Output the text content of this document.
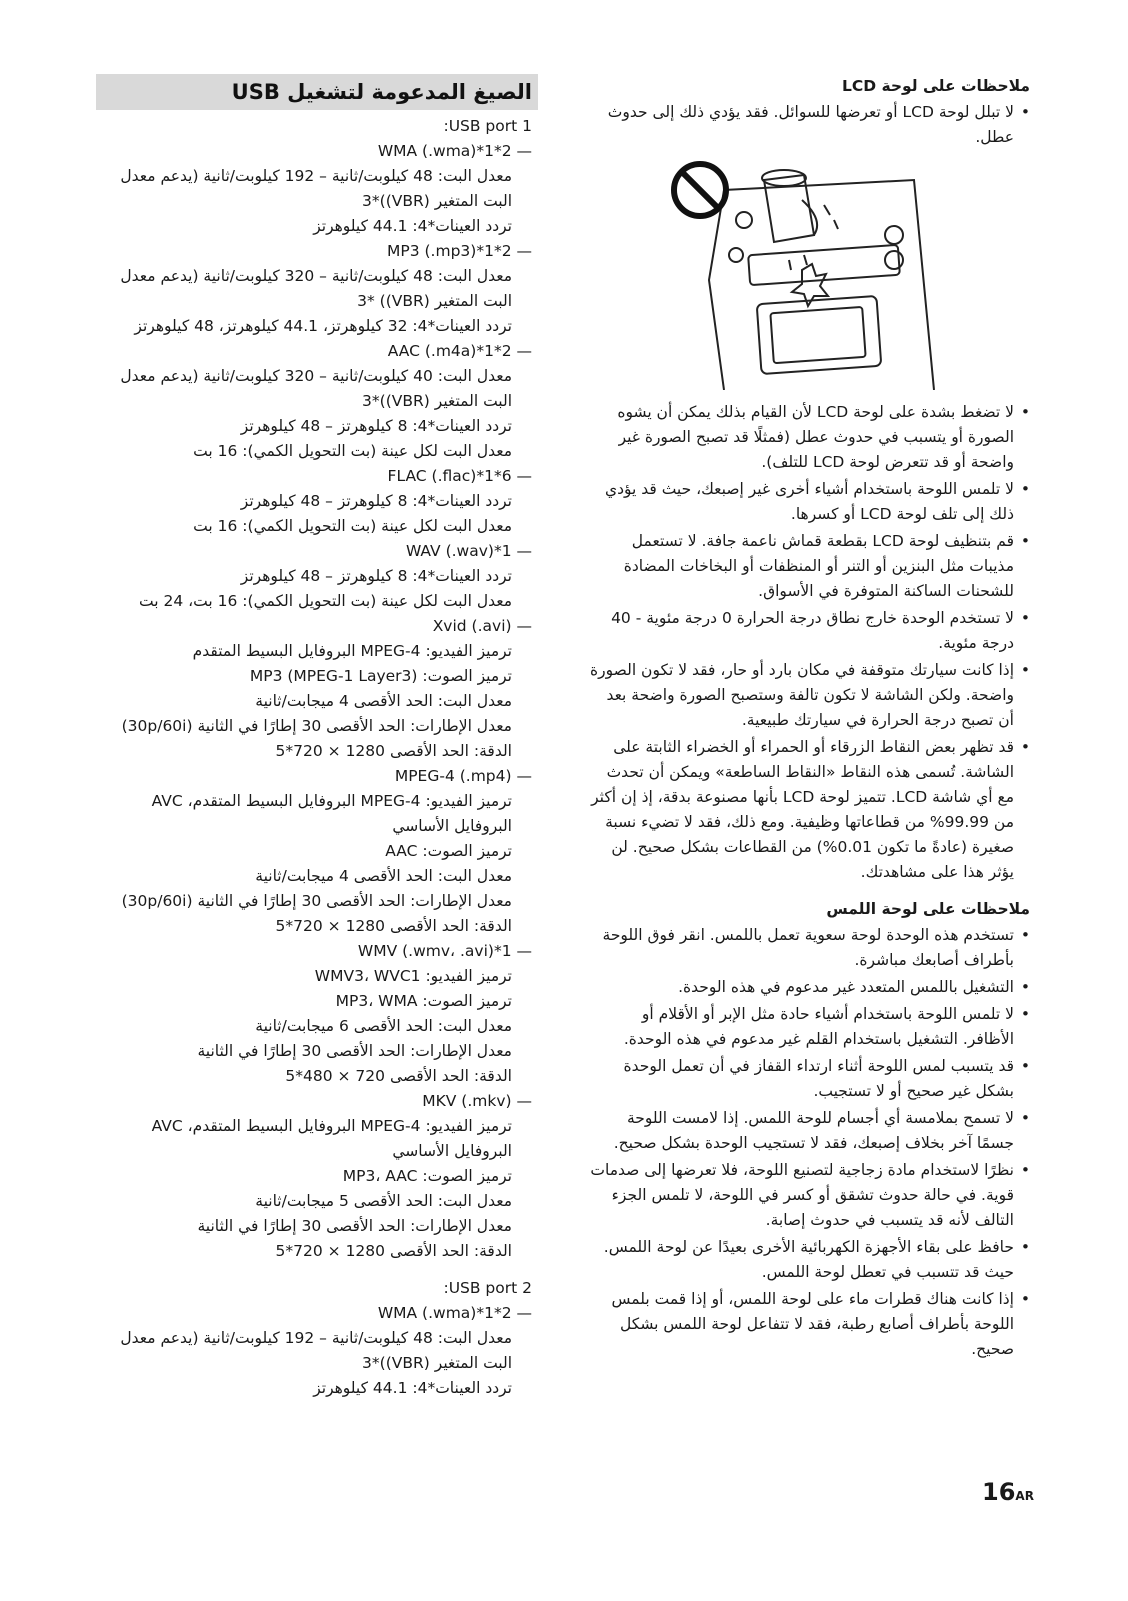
الصيغ المدعومة لتشغيل USB
USB port 1:
— WMA (.wma)*1*2
معدل البت: 48 كيلوبت/ثانية – 192 كيلوبت/ثانية (يدعم معدل البت المتغير (VBR))*3
تردد العينات*4: 44.1 كيلوهرتز
— MP3 (.mp3)*1*2
معدل البت: 48 كيلوبت/ثانية – 320 كيلوبت/ثانية (يدعم معدل البت المتغير (VBR)) *3
تردد العينات*4: 32 كيلوهرتز، 44.1 كيلوهرتز، 48 كيلوهرتز
— AAC (.m4a)*1*2
معدل البت: 40 كيلوبت/ثانية – 320 كيلوبت/ثانية (يدعم معدل البت المتغير (VBR))*3
تردد العينات*4: 8 كيلوهرتز – 48 كيلوهرتز
معدل البت لكل عينة (بت التحويل الكمي): 16 بت
— FLAC (.flac)*1*6
تردد العينات*4: 8 كيلوهرتز – 48 كيلوهرتز
معدل البت لكل عينة (بت التحويل الكمي): 16 بت
— WAV (.wav)*1
تردد العينات*4: 8 كيلوهرتز – 48 كيلوهرتز
معدل البت لكل عينة (بت التحويل الكمي): 16 بت، 24 بت
— Xvid (.avi)
ترميز الفيديو: MPEG-4 البروفايل البسيط المتقدم
ترميز الصوت: MP3 (MPEG-1 Layer3)
معدل البت: الحد الأقصى 4 ميجابت/ثانية
معدل الإطارات: الحد الأقصى 30 إطارًا في الثانية (30p/60i)
الدقة: الحد الأقصى 1280 × 720*5
— MPEG-4 (.mp4)
ترميز الفيديو: MPEG-4 البروفايل البسيط المتقدم، AVC البروفايل الأساسي
ترميز الصوت: AAC
معدل البت: الحد الأقصى 4 ميجابت/ثانية
معدل الإطارات: الحد الأقصى 30 إطارًا في الثانية (30p/60i)
الدقة: الحد الأقصى 1280 × 720*5
— WMV (.wmv، .avi)*1
ترميز الفيديو: WMV3، WVC1
ترميز الصوت: MP3، WMA
معدل البت: الحد الأقصى 6 ميجابت/ثانية
معدل الإطارات: الحد الأقصى 30 إطارًا في الثانية
الدقة: الحد الأقصى 720 × 480*5
— MKV (.mkv)
ترميز الفيديو: MPEG-4 البروفايل البسيط المتقدم، AVC البروفايل الأساسي
ترميز الصوت: MP3، AAC
معدل البت: الحد الأقصى 5 ميجابت/ثانية
معدل الإطارات: الحد الأقصى 30 إطارًا في الثانية
الدقة: الحد الأقصى 1280 × 720*5
USB port 2:
— WMA (.wma)*1*2
معدل البت: 48 كيلوبت/ثانية – 192 كيلوبت/ثانية (يدعم معدل البت المتغير (VBR))*3
تردد العينات*4: 44.1 كيلوهرتز
ملاحظات على لوحة LCD
• لا تبلل لوحة LCD أو تعرضها للسوائل. فقد يؤدي ذلك إلى حدوث عطل.
• لا تضغط بشدة على لوحة LCD لأن القيام بذلك يمكن أن يشوه الصورة أو يتسبب في حدوث عطل (فمثلًا قد تصبح الصورة غير واضحة أو قد تتعرض لوحة LCD للتلف).
• لا تلمس اللوحة باستخدام أشياء أخرى غير إصبعك، حيث قد يؤدي ذلك إلى تلف لوحة LCD أو كسرها.
• قم بتنظيف لوحة LCD بقطعة قماش ناعمة جافة. لا تستعمل مذيبات مثل البنزين أو التنر أو المنظفات أو البخاخات المضادة للشحنات الساكنة المتوفرة في الأسواق.
• لا تستخدم الوحدة خارج نطاق درجة الحرارة 0 درجة مئوية - 40 درجة مئوية.
• إذا كانت سيارتك متوقفة في مكان بارد أو حار، فقد لا تكون الصورة واضحة. ولكن الشاشة لا تكون تالفة وستصبح الصورة واضحة بعد أن تصبح درجة الحرارة في سيارتك طبيعية.
• قد تظهر بعض النقاط الزرقاء أو الحمراء أو الخضراء الثابتة على الشاشة. تُسمى هذه النقاط «النقاط الساطعة» ويمكن أن تحدث مع أي شاشة LCD. تتميز لوحة LCD بأنها مصنوعة بدقة، إذ إن أكثر من 99.99% من قطاعاتها وظيفية. ومع ذلك، فقد لا تضيء نسبة صغيرة (عادةً ما تكون 0.01%) من القطاعات بشكل صحيح. لن يؤثر هذا على مشاهدتك.
ملاحظات على لوحة اللمس
• تستخدم هذه الوحدة لوحة سعوية تعمل باللمس. انقر فوق اللوحة بأطراف أصابعك مباشرة.
• التشغيل باللمس المتعدد غير مدعوم في هذه الوحدة.
• لا تلمس اللوحة باستخدام أشياء حادة مثل الإبر أو الأقلام أو الأظافر. التشغيل باستخدام القلم غير مدعوم في هذه الوحدة.
• قد يتسبب لمس اللوحة أثناء ارتداء القفاز في أن تعمل الوحدة بشكل غير صحيح أو لا تستجيب.
• لا تسمح بملامسة أي أجسام للوحة اللمس. إذا لامست اللوحة جسمًا آخر بخلاف إصبعك، فقد لا تستجيب الوحدة بشكل صحيح.
• نظرًا لاستخدام مادة زجاجية لتصنيع اللوحة، فلا تعرضها إلى صدمات قوية. في حالة حدوث تشقق أو كسر في اللوحة، لا تلمس الجزء التالف لأنه قد يتسبب في حدوث إصابة.
• حافظ على بقاء الأجهزة الكهربائية الأخرى بعيدًا عن لوحة اللمس. حيث قد تتسبب في تعطل لوحة اللمس.
• إذا كانت هناك قطرات ماء على لوحة اللمس، أو إذا قمت بلمس اللوحة بأطراف أصابع رطبة، فقد لا تتفاعل لوحة اللمس بشكل صحيح.
16AR
